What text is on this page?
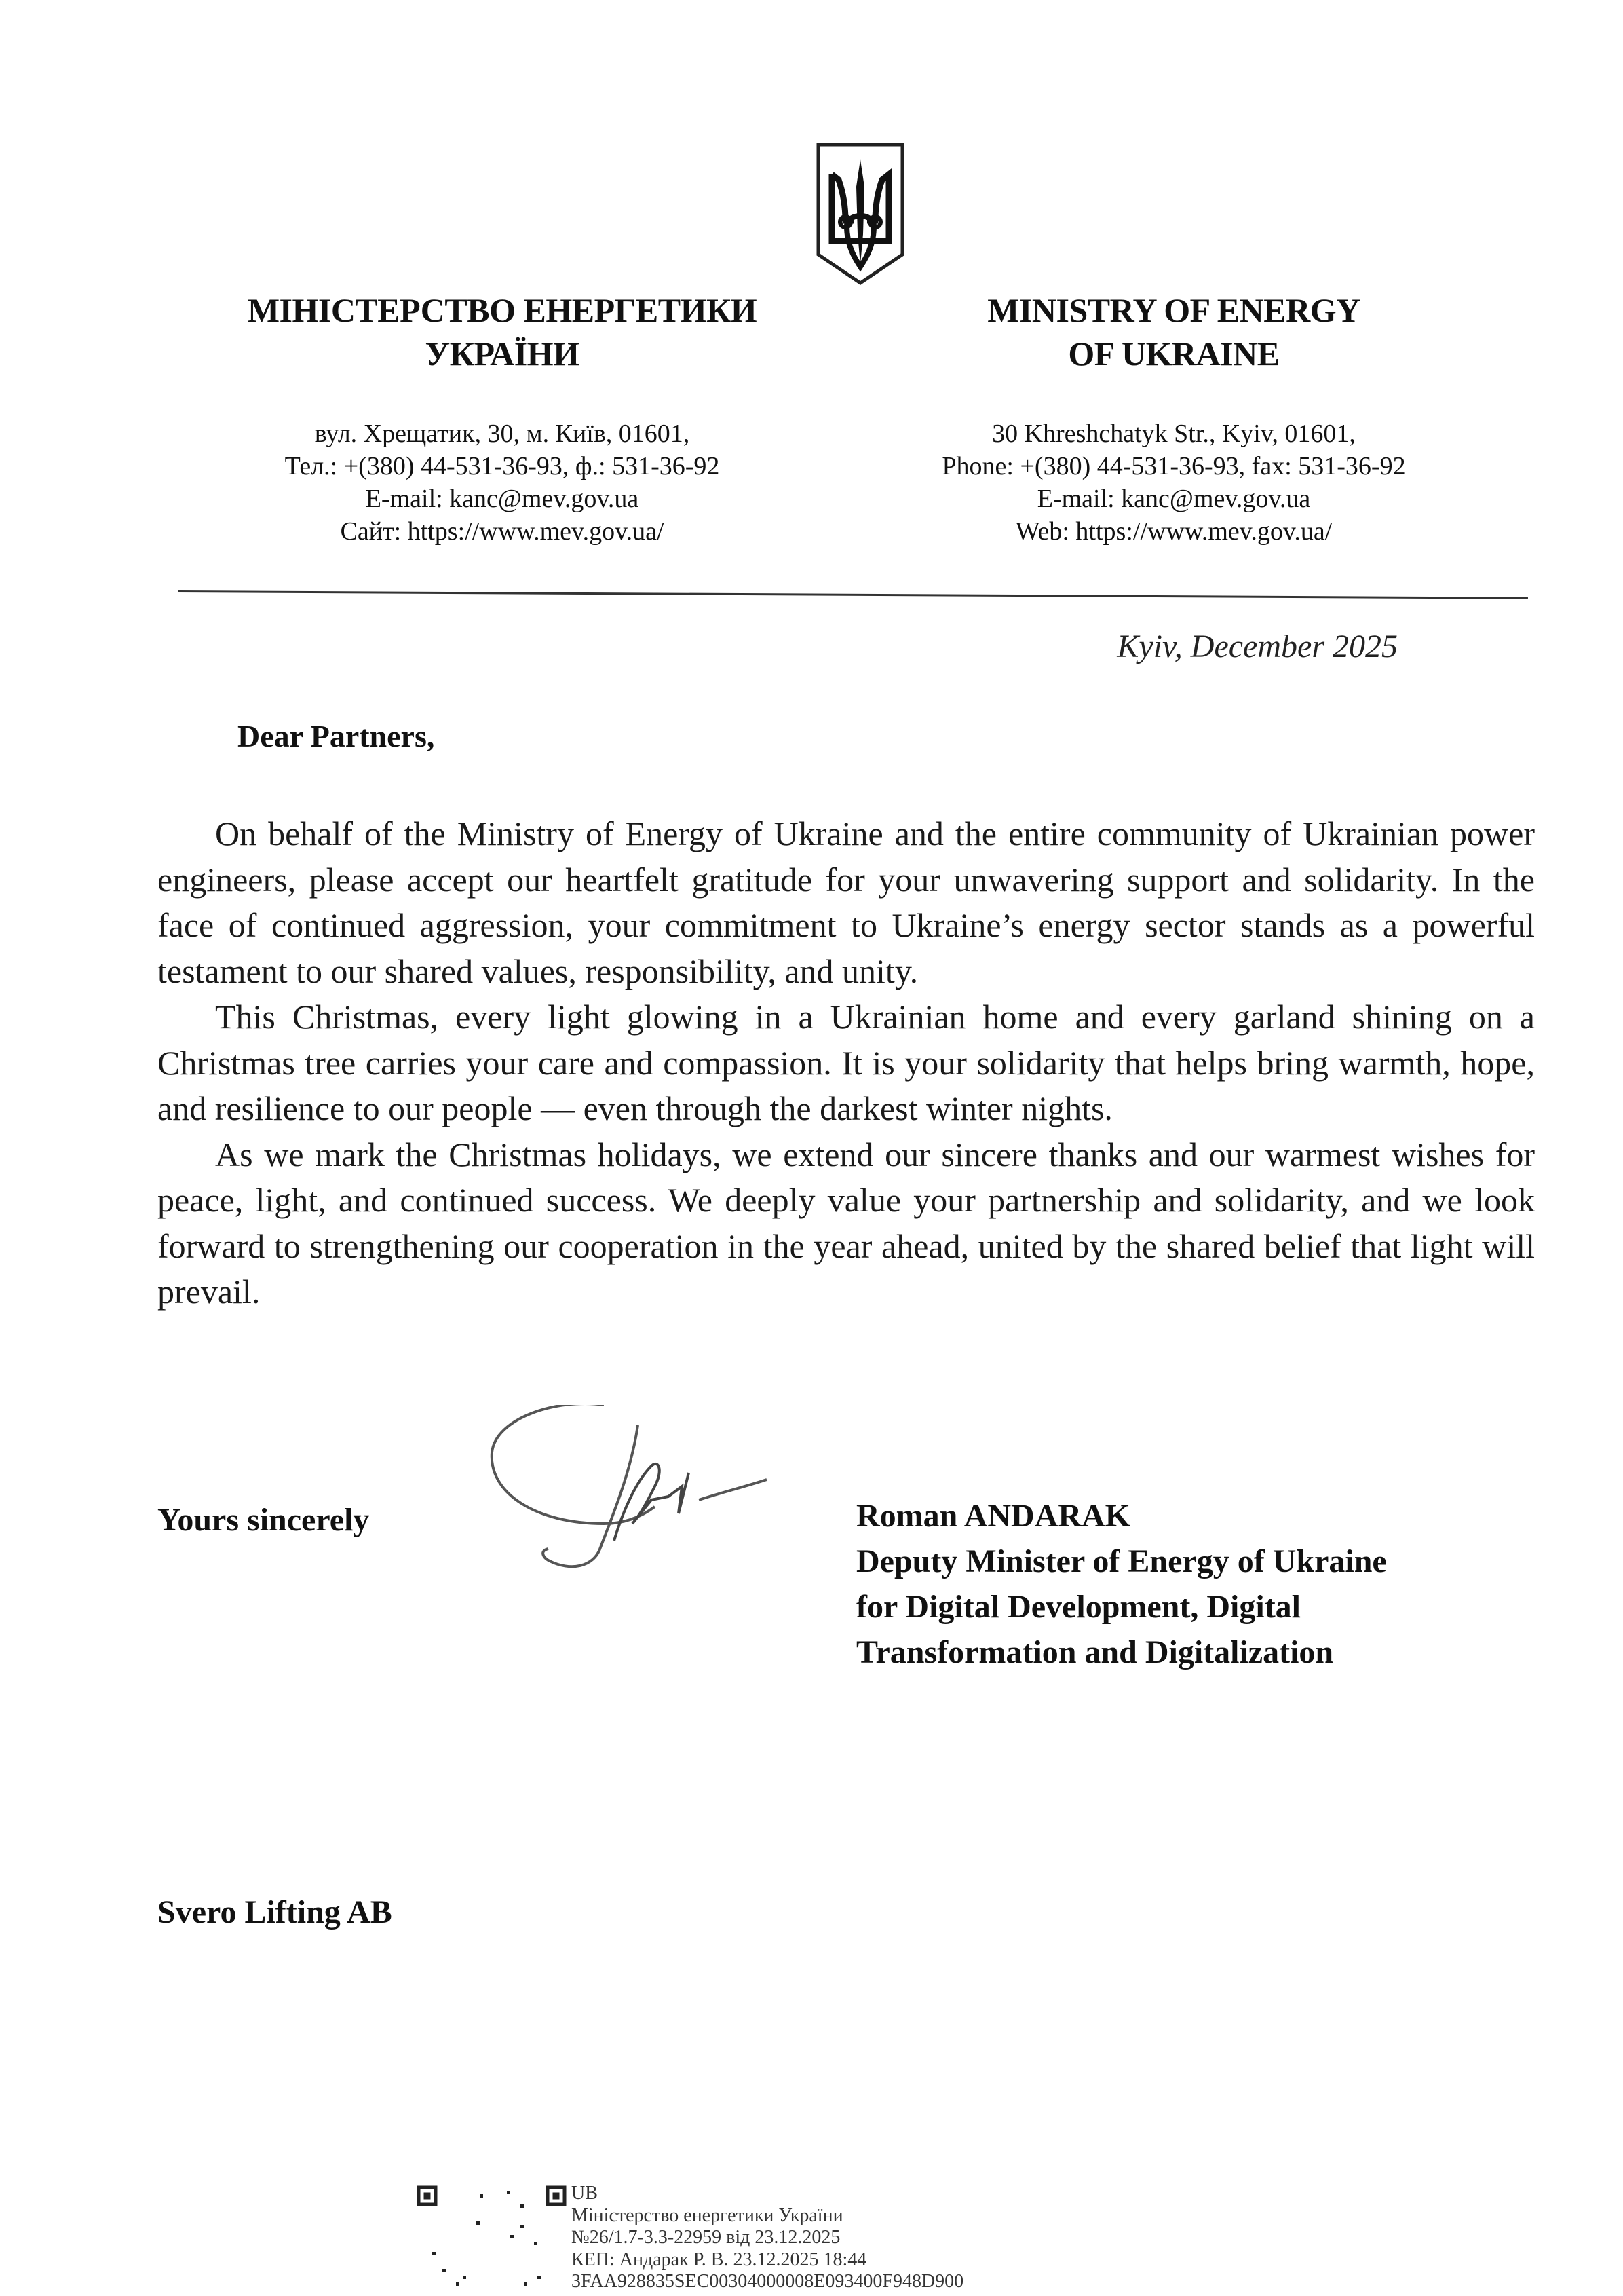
МІНІСТЕРСТВО ЕНЕРГЕТИКИ
УКРАЇНИ
вул. Хрещатик, 30, м. Київ, 01601,
Тел.: +(380) 44-531-36-93, ф.: 531-36-92
E-mail: kanc@mev.gov.ua
Сайт: https://www.mev.gov.ua/
MINISTRY OF ENERGY
OF UKRAINE
30 Khreshchatyk Str., Kyiv, 01601,
Phone: +(380) 44-531-36-93, fax: 531-36-92
E-mail: kanc@mev.gov.ua
Web: https://www.mev.gov.ua/
Kyiv, December 2025
Dear Partners,

On behalf of the Ministry of Energy of Ukraine and the entire community of Ukrainian power engineers, please accept our heartfelt gratitude for your unwavering support and solidarity. In the face of continued aggression, your commitment to Ukraine’s energy sector stands as a powerful testament to our shared values, responsibility, and unity.

This Christmas, every light glowing in a Ukrainian home and every garland shining on a Christmas tree carries your care and compassion. It is your solidarity that helps bring warmth, hope, and resilience to our people — even through the darkest winter nights.

As we mark the Christmas holidays, we extend our sincere thanks and our warmest wishes for peace, light, and continued success. We deeply value your partnership and solidarity, and we look forward to strengthening our cooperation in the year ahead, united by the shared belief that light will prevail.

Yours sincerely	Roman ANDARAK
Deputy Minister of Energy of Ukraine
for Digital Development, Digital
Transformation and Digitalization
Svero Lifting AB
UB
Міністерство енергетики України
№26/1.7-3.3-22959 від 23.12.2025
КЕП: Андарак Р. В. 23.12.2025 18:44
3FAA928835SEC00304000008E093400F948D900
